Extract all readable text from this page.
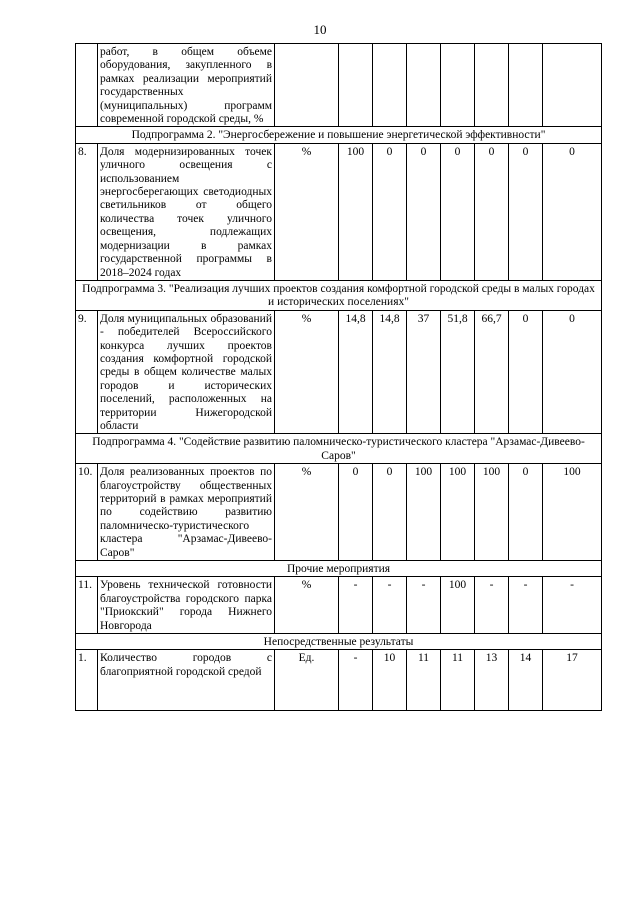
10
	работ, в общем объеме оборудования, закупленного в рамках реализации мероприятий государственных (муниципальных) программ современной городской среды, %								
Подпрограмма 2. "Энергосбережение и повышение энергетической эффективности"									
8.	Доля модернизированных точек уличного освещения с использованием энергосберегающих светодиодных светильников от общего количества точек уличного освещения, подлежащих модернизации в рамках государственной программы в 2018–2024 годах	%	100	0	0	0	0	0	0
Подпрограмма 3. "Реализация лучших проектов создания комфортной городской среды в малых городах и исторических поселениях"									
9.	Доля муниципальных образований - победителей Всероссийского конкурса лучших проектов создания комфортной городской среды в общем количестве малых городов и исторических поселений, расположенных на территории Нижегородской области	%	14,8	14,8	37	51,8	66,7	0	0
Подпрограмма 4. "Содействие развитию паломническо-туристического кластера "Арзамас-Дивеево-Саров"									
10.	Доля реализованных проектов по благоустройству общественных территорий в рамках мероприятий по содействию развитию паломническо-туристического кластера "Арзамас-Дивеево-Саров"	%	0	0	100	100	100	0	100
Прочие мероприятия									
11.	Уровень технической готовности благоустройства городского парка "Приокский" города Нижнего Новгорода	%	-	-	-	100	-	-	-
Непосредственные результаты									
1.	Количество городов с благоприятной городской средой	Ед.	-	10	11	11	13	14	17
